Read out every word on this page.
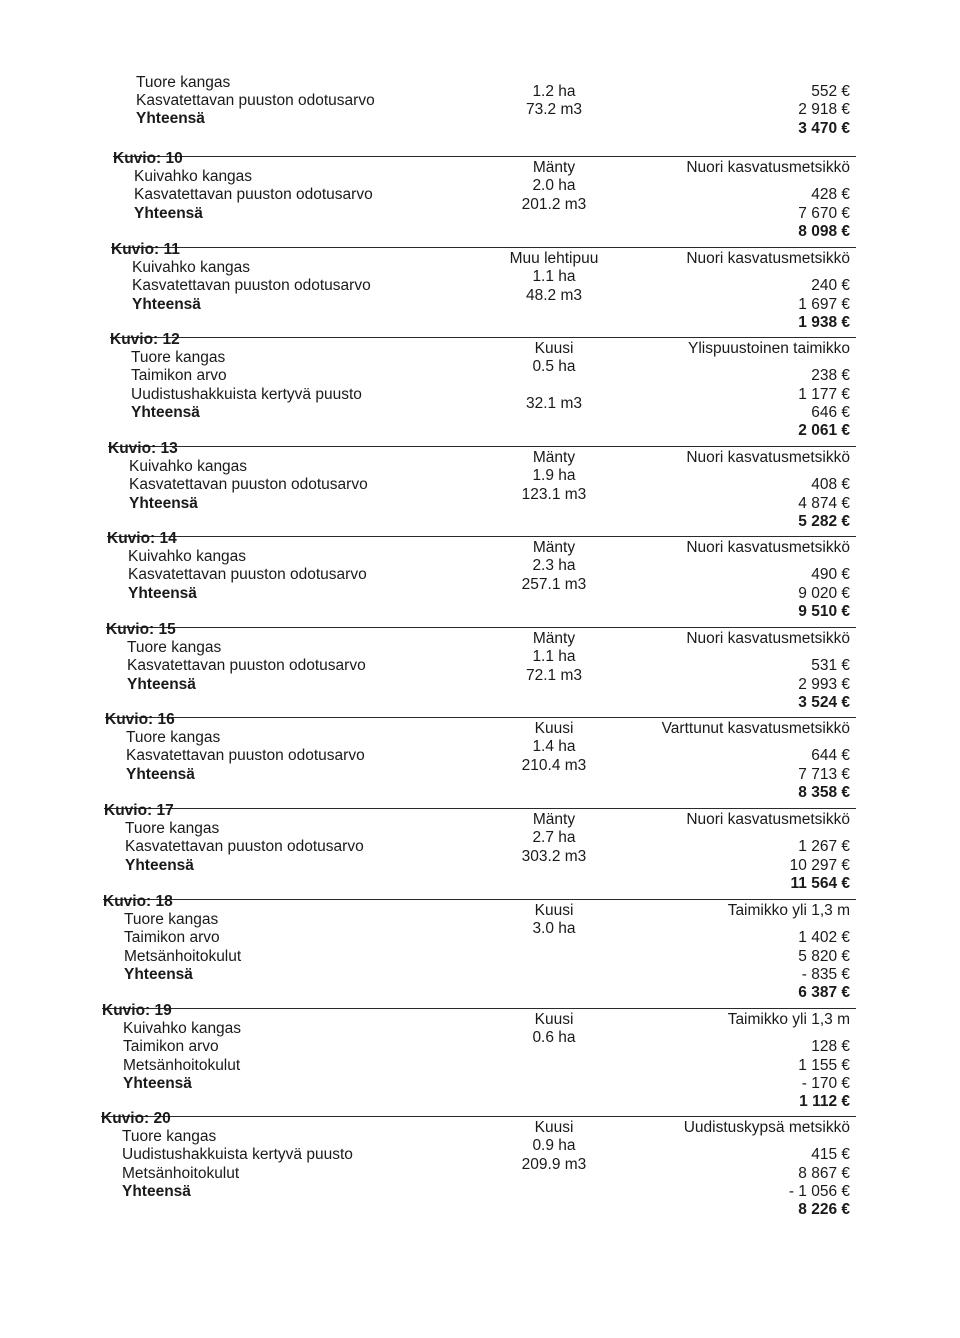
Tuore kangas
Kasvatettavan puuston odotusarvo
Yhteensä
1.2 ha
73.2 m3
552 €
2 918 €
3 470 €
Kuvio: 10
Kuivahko kangas
Kasvatettavan puuston odotusarvo
Yhteensä
Mänty
2.0 ha
201.2 m3
Nuori kasvatusmetsikkö
428 €
7 670 €
8 098 €
Kuvio: 11
Kuivahko kangas
Kasvatettavan puuston odotusarvo
Yhteensä
Muu lehtipuu
1.1 ha
48.2 m3
Nuori kasvatusmetsikkö
240 €
1 697 €
1 938 €
Kuvio: 12
Tuore kangas
Taimikon arvo
Uudistushakkuista kertyvä puusto
Yhteensä
Kuusi
0.5 ha
32.1 m3
Ylispuustoinen taimikko
238 €
1 177 €
646 €
2 061 €
Kuvio: 13
Kuivahko kangas
Kasvatettavan puuston odotusarvo
Yhteensä
Mänty
1.9 ha
123.1 m3
Nuori kasvatusmetsikkö
408 €
4 874 €
5 282 €
Kuvio: 14
Kuivahko kangas
Kasvatettavan puuston odotusarvo
Yhteensä
Mänty
2.3 ha
257.1 m3
Nuori kasvatusmetsikkö
490 €
9 020 €
9 510 €
Kuvio: 15
Tuore kangas
Kasvatettavan puuston odotusarvo
Yhteensä
Mänty
1.1 ha
72.1 m3
Nuori kasvatusmetsikkö
531 €
2 993 €
3 524 €
Kuvio: 16
Tuore kangas
Kasvatettavan puuston odotusarvo
Yhteensä
Kuusi
1.4 ha
210.4 m3
Varttunut kasvatusmetsikkö
644 €
7 713 €
8 358 €
Kuvio: 17
Tuore kangas
Kasvatettavan puuston odotusarvo
Yhteensä
Mänty
2.7 ha
303.2 m3
Nuori kasvatusmetsikkö
1 267 €
10 297 €
11 564 €
Kuvio: 18
Tuore kangas
Taimikon arvo
Metsänhoitokulut
Yhteensä
Kuusi
3.0 ha
Taimikko yli 1,3 m
1 402 €
5 820 €
- 835 €
6 387 €
Kuvio: 19
Kuivahko kangas
Taimikon arvo
Metsänhoitokulut
Yhteensä
Kuusi
0.6 ha
Taimikko yli 1,3 m
128 €
1 155 €
- 170 €
1 112 €
Kuvio: 20
Tuore kangas
Uudistushakkuista kertyvä puusto
Metsänhoitokulut
Yhteensä
Kuusi
0.9 ha
209.9 m3
Uudistuskypsä metsikkö
415 €
8 867 €
- 1 056 €
8 226 €
